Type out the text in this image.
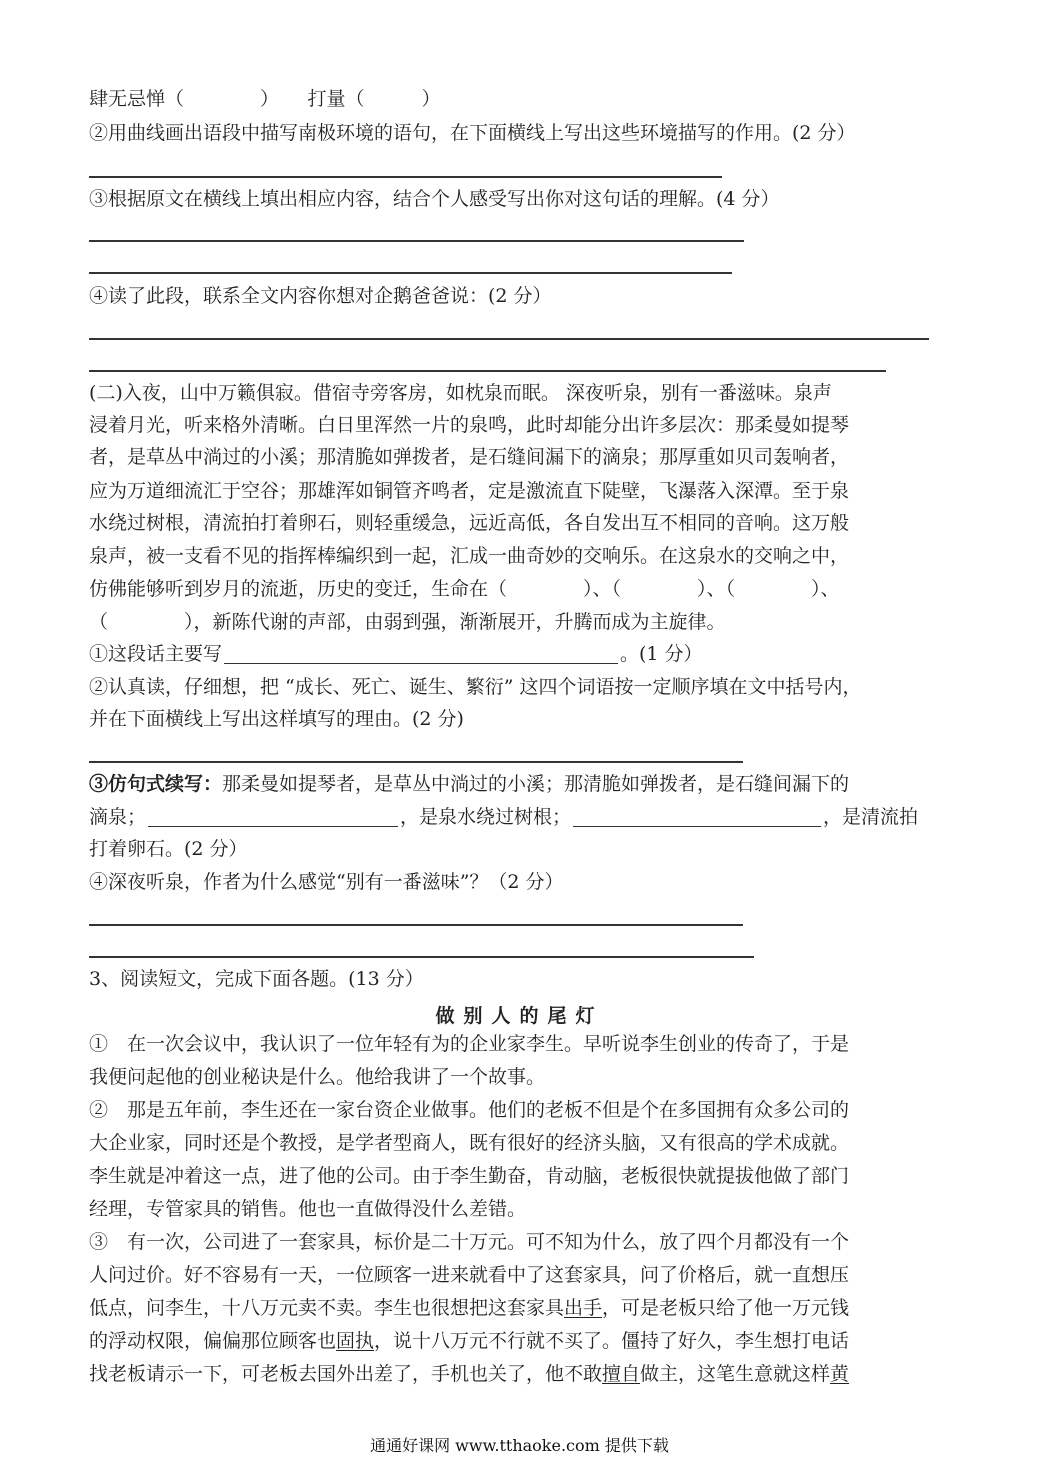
肆无忌惮（　　　　）　　打量（　　　）
②用曲线画出语段中描写南极环境的语句，在下面横线上写出这些环境描写的作用。(2 分）
③根据原文在横线上填出相应内容，结合个人感受写出你对这句话的理解。(4 分）
④读了此段，联系全文内容你想对企鹅爸爸说：(2 分）
(二)入夜，山中万籁俱寂。借宿寺旁客房，如枕泉而眠。 深夜听泉，别有一番滋味。泉声
浸着月光，听来格外清晰。白日里浑然一片的泉鸣，此时却能分出许多层次：那柔曼如提琴
者，是草丛中淌过的小溪；那清脆如弹拨者，是石缝间漏下的滴泉；那厚重如贝司轰响者，
应为万道细流汇于空谷；那雄浑如铜管齐鸣者，定是激流直下陡壁，飞瀑落入深潭。至于泉
水绕过树根，清流拍打着卵石，则轻重缓急，远近高低，各自发出互不相同的音响。这万般
泉声，被一支看不见的指挥棒编织到一起，汇成一曲奇妙的交响乐。在这泉水的交响之中，
仿佛能够听到岁月的流逝，历史的变迁，生命在（　　　　）、（　　　　）、（　　　　）、
（　　　　），新陈代谢的声部，由弱到强，渐渐展开，升腾而成为主旋律。
①这段话主要写	。(1 分）
②认真读，仔细想，把 “成长、死亡、诞生、繁衍” 这四个词语按一定顺序填在文中括号内，
并在下面横线上写出这样填写的理由。(2 分)
③仿句式续写：那柔曼如提琴者，是草丛中淌过的小溪；那清脆如弹拨者，是石缝间漏下的
滴泉；	，是泉水绕过树根；	，是清流拍
打着卵石。(2 分）
④深夜听泉，作者为什么感觉“别有一番滋味”？（2 分）
3、阅读短文，完成下面各题。(13 分）
做别人的尾灯
①　在一次会议中，我认识了一位年轻有为的企业家李生。早听说李生创业的传奇了，于是
我便问起他的创业秘诀是什么。他给我讲了一个故事。
②　那是五年前，李生还在一家台资企业做事。他们的老板不但是个在多国拥有众多公司的
大企业家，同时还是个教授，是学者型商人，既有很好的经济头脑，又有很高的学术成就。
李生就是冲着这一点，进了他的公司。由于李生勤奋，肯动脑，老板很快就提拔他做了部门
经理，专管家具的销售。他也一直做得没什么差错。
③　有一次，公司进了一套家具，标价是二十万元。可不知为什么，放了四个月都没有一个
人问过价。好不容易有一天，一位顾客一进来就看中了这套家具，问了价格后，就一直想压
低点，问李生，十八万元卖不卖。李生也很想把这套家具出手，可是老板只给了他一万元钱
的浮动权限，偏偏那位顾客也固执，说十八万元不行就不买了。僵持了好久，李生想打电话
找老板请示一下，可老板去国外出差了，手机也关了，他不敢擅自做主，这笔生意就这样黄
通通好课网 www.tthaoke.com 提供下载
